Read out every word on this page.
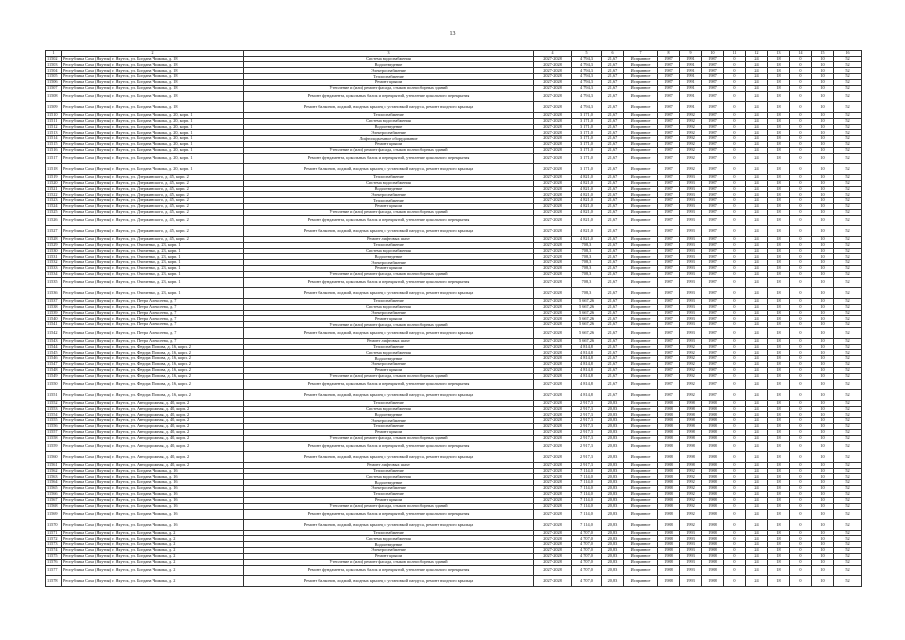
13
1	2	3	4	5	6	7	8	9	10	11	12	13	14	15	16
11502	Республика Саха (Якутия) г. Якутск, ул. Богдана Чижика, д. 18	Система водоснабжения	2027-2028	4 794,3	21,67	Исправное	1987	1991	1987	0	24	18	0	10	52
11503	Республика Саха (Якутия) г. Якутск, ул. Богдана Чижика, д. 18	Водоотведение	2027-2028	4 794,3	21,67	Исправное	1987	1991	1987	0	24	18	0	10	52
11504	Республика Саха (Якутия) г. Якутск, ул. Богдана Чижика, д. 18	Электроснабжение	2027-2028	4 794,3	21,67	Исправное	1987	1991	1987	0	24	18	0	10	52
11505	Республика Саха (Якутия) г. Якутск, ул. Богдана Чижика, д. 18	Теплоснабжение	2027-2028	4 794,3	21,67	Исправное	1987	1991	1987	0	24	18	0	10	52
11506	Республика Саха (Якутия) г. Якутск, ул. Богдана Чижика, д. 18	Ремонт крыши	2027-2028	4 794,3	21,67	Исправное	1987	1991	1987	0	24	18	0	10	52
11507	Республика Саха (Якутия) г. Якутск, ул. Богдана Чижика, д. 18	Утепление и (или) ремонт фасада, стыков полносборных зданий	2027-2028	4 794,3	21,67	Исправное	1987	1991	1987	0	24	18	0	10	52
11508	Республика Саха (Якутия) г. Якутск, ул. Богдана Чижика, д. 18	Ремонт фундамента, цокольных балок и перекрытий, утепление цокольного перекрытия	2027-2028	4 794,3	21,67	Исправное	1987	1991	1987	0	24	18	0	10	52
11509	Республика Саха (Якутия) г. Якутск, ул. Богдана Чижика, д. 18	Ремонт балконов, лоджий, входных крылец с установкой пандуса, ремонт входного крыльца	2027-2028	4 794,3	21,67	Исправное	1987	1991	1987	0	24	18	0	10	52
11510	Республика Саха (Якутия) г. Якутск, ул. Богдана Чижика, д. 20, корп. 1	Теплоснабжение	2027-2028	3 171,0	21,67	Исправное	1987	1992	1987	0	24	18	0	10	52
11511	Республика Саха (Якутия) г. Якутск, ул. Богдана Чижика, д. 20, корп. 1	Система водоснабжения	2027-2028	3 171,0	21,67	Исправное	1987	1992	1987	0	24	18	0	10	52
11512	Республика Саха (Якутия) г. Якутск, ул. Богдана Чижика, д. 20, корп. 1	Водоотведение	2027-2028	3 171,0	21,67	Исправное	1987	1992	1987	0	24	18	0	10	52
11513	Республика Саха (Якутия) г. Якутск, ул. Богдана Чижика, д. 20, корп. 1	Электроснабжение	2027-2028	3 171,0	21,67	Исправное	1987	1992	1987	0	24	18	0	10	52
11514	Республика Саха (Якутия) г. Якутск, ул. Богдана Чижика, д. 20, корп. 1	Лифтоподъемное оборудование	2027-2028	3 171,0	21,67	Исправное	1987	1992	1987	0	24	18	0	10	52
11515	Республика Саха (Якутия) г. Якутск, ул. Богдана Чижика, д. 20, корп. 1	Ремонт крыши	2027-2028	3 171,0	21,67	Исправное	1987	1992	1987	0	24	18	0	10	52
11516	Республика Саха (Якутия) г. Якутск, ул. Богдана Чижика, д. 20, корп. 1	Утепление и (или) ремонт фасада, стыков полносборных зданий	2027-2028	3 171,0	21,67	Исправное	1987	1992	1987	0	24	18	0	10	52
11517	Республика Саха (Якутия) г. Якутск, ул. Богдана Чижика, д. 20, корп. 1	Ремонт фундамента, цокольных балок и перекрытий, утепление цокольного перекрытия	2027-2028	3 171,0	21,67	Исправное	1987	1992	1987	0	24	18	0	10	52
11518	Республика Саха (Якутия) г. Якутск, ул. Богдана Чижика, д. 20, корп. 1	Ремонт балконов, лоджий, входных крылец с установкой пандуса, ремонт входного крыльца	2027-2028	3 171,0	21,67	Исправное	1987	1992	1987	0	24	18	0	10	52
11519	Республика Саха (Якутия) г. Якутск, ул. Дзержинского, д. 45, корп. 2	Теплоснабжение	2027-2028	4 821,0	21,67	Исправное	1987	1993	1987	0	24	18	0	10	52
11520	Республика Саха (Якутия) г. Якутск, ул. Дзержинского, д. 45, корп. 2	Система водоснабжения	2027-2028	4 821,0	21,67	Исправное	1987	1993	1987	0	24	18	0	10	52
11521	Республика Саха (Якутия) г. Якутск, ул. Дзержинского, д. 45, корп. 2	Водоотведение	2027-2028	4 821,0	21,67	Исправное	1987	1993	1987	0	24	18	0	10	52
11522	Республика Саха (Якутия) г. Якутск, ул. Дзержинского, д. 45, корп. 2	Электроснабжение	2027-2028	4 821,0	21,67	Исправное	1987	1993	1987	0	24	18	0	10	52
11523	Республика Саха (Якутия) г. Якутск, ул. Дзержинского, д. 45, корп. 2	Теплоснабжение	2027-2028	4 821,0	21,67	Исправное	1987	1993	1987	0	24	18	0	10	52
11524	Республика Саха (Якутия) г. Якутск, ул. Дзержинского, д. 45, корп. 2	Ремонт крыши	2027-2028	4 821,0	21,67	Исправное	1987	1993	1987	0	24	18	0	10	52
11525	Республика Саха (Якутия) г. Якутск, ул. Дзержинского, д. 45, корп. 2	Утепление и (или) ремонт фасада, стыков полносборных зданий	2027-2028	4 821,0	21,67	Исправное	1987	1993	1987	0	24	18	0	10	52
11526	Республика Саха (Якутия) г. Якутск, ул. Дзержинского, д. 45, корп. 2	Ремонт фундамента, цокольных балок и перекрытий, утепление цокольного перекрытия	2027-2028	4 821,0	21,67	Исправное	1987	1993	1987	0	24	18	0	10	52
11527	Республика Саха (Якутия) г. Якутск, ул. Дзержинского, д. 45, корп. 2	Ремонт балконов, лоджий, входных крылец с установкой пандуса, ремонт входного крыльца	2027-2028	4 821,0	21,67	Исправное	1987	1993	1987	0	24	18	0	10	52
11528	Республика Саха (Якутия) г. Якутск, ул. Дзержинского, д. 45, корп. 2	Ремонт лифтовых шахт	2027-2028	4 821,0	21,67	Исправное	1987	1993	1987	0	24	18	0	10	52
11529	Республика Саха (Якутия) г. Якутск, ул. Очиченко, д. 23, корп. 1	Теплоснабжение	2027-2028	708,3	21,67	Исправное	1987	1993	1987	0	24	18	0	10	52
11530	Республика Саха (Якутия) г. Якутск, ул. Очиченко, д. 23, корп. 1	Система водоснабжения	2027-2028	708,3	21,67	Исправное	1987	1993	1987	0	24	18	0	10	52
11531	Республика Саха (Якутия) г. Якутск, ул. Очиченко, д. 23, корп. 1	Водоотведение	2027-2028	708,3	21,67	Исправное	1987	1993	1987	0	24	18	0	10	52
11532	Республика Саха (Якутия) г. Якутск, ул. Очиченко, д. 23, корп. 1	Электроснабжение	2027-2028	708,3	21,67	Исправное	1987	1993	1987	0	24	18	0	10	52
11533	Республика Саха (Якутия) г. Якутск, ул. Очиченко, д. 23, корп. 1	Ремонт крыши	2027-2028	708,3	21,67	Исправное	1987	1993	1987	0	24	18	0	10	52
11534	Республика Саха (Якутия) г. Якутск, ул. Очиченко, д. 23, корп. 1	Утепление и (или) ремонт фасада, стыков полносборных зданий	2027-2028	708,3	21,67	Исправное	1987	1993	1987	0	24	18	0	10	52
11535	Республика Саха (Якутия) г. Якутск, ул. Очиченко, д. 23, корп. 1	Ремонт фундамента, цокольных балок и перекрытий, утепление цокольного перекрытия	2027-2028	708,3	21,67	Исправное	1987	1993	1987	0	24	18	0	10	52
11536	Республика Саха (Якутия) г. Якутск, ул. Очиченко, д. 23, корп. 1	Ремонт балконов, лоджий, входных крылец с установкой пандуса, ремонт входного крыльца	2027-2028	708,3	21,67	Исправное	1987	1993	1987	0	24	18	0	10	52
11537	Республика Саха (Якутия) г. Якутск, ул. Петра Алексеева, д. 7	Теплоснабжение	2027-2028	5 667,26	21,67	Исправное	1987	1993	1987	0	24	18	0	10	52
11538	Республика Саха (Якутия) г. Якутск, ул. Петра Алексеева, д. 7	Система водоснабжения	2027-2028	5 667,26	21,67	Исправное	1987	1993	1987	0	24	18	0	10	52
11539	Республика Саха (Якутия) г. Якутск, ул. Петра Алексеева, д. 7	Электроснабжение	2027-2028	5 667,26	21,67	Исправное	1987	1993	1987	0	24	18	0	10	52
11540	Республика Саха (Якутия) г. Якутск, ул. Петра Алексеева, д. 7	Ремонт крыши	2027-2028	5 667,26	21,67	Исправное	1987	1993	1987	0	24	18	0	10	52
11541	Республика Саха (Якутия) г. Якутск, ул. Петра Алексеева, д. 7	Утепление и (или) ремонт фасада, стыков полносборных зданий	2027-2028	5 667,26	21,67	Исправное	1987	1993	1987	0	24	18	0	10	52
11542	Республика Саха (Якутия) г. Якутск, ул. Петра Алексеева, д. 7	Ремонт балконов, лоджий, входных крылец с установкой пандуса, ремонт входного крыльца	2027-2028	5 667,26	21,67	Исправное	1987	1993	1987	0	24	18	0	10	52
11543	Республика Саха (Якутия) г. Якутск, ул. Петра Алексеева, д. 7	Ремонт лифтовых шахт	2027-2028	5 667,26	21,67	Исправное	1987	1993	1987	0	24	18	0	10	52
11544	Республика Саха (Якутия) г. Якутск, ул. Федора Попова, д. 16, корп. 2	Теплоснабжение	2027-2028	4 814,8	21,67	Исправное	1987	1992	1987	0	24	18	0	10	52
11545	Республика Саха (Якутия) г. Якутск, ул. Федора Попова, д. 16, корп. 2	Система водоснабжения	2027-2028	4 814,8	21,67	Исправное	1987	1992	1987	0	24	18	0	10	52
11546	Республика Саха (Якутия) г. Якутск, ул. Федора Попова, д. 16, корп. 2	Водоотведение	2027-2028	4 814,8	21,67	Исправное	1987	1992	1987	0	24	18	0	10	52
11547	Республика Саха (Якутия) г. Якутск, ул. Федора Попова, д. 16, корп. 2	Электроснабжение	2027-2028	4 814,8	21,67	Исправное	1987	1992	1987	0	24	18	0	10	52
11548	Республика Саха (Якутия) г. Якутск, ул. Федора Попова, д. 16, корп. 2	Ремонт крыши	2027-2028	4 814,8	21,67	Исправное	1987	1992	1987	0	24	18	0	10	52
11549	Республика Саха (Якутия) г. Якутск, ул. Федора Попова, д. 16, корп. 2	Утепление и (или) ремонт фасада, стыков полносборных зданий	2027-2028	4 814,8	21,67	Исправное	1987	1992	1987	0	24	18	0	10	52
11550	Республика Саха (Якутия) г. Якутск, ул. Федора Попова, д. 16, корп. 2	Ремонт фундамента, цокольных балок и перекрытий, утепление цокольного перекрытия	2027-2028	4 814,8	21,67	Исправное	1987	1992	1987	0	24	18	0	10	52
11551	Республика Саха (Якутия) г. Якутск, ул. Федора Попова, д. 16, корп. 2	Ремонт балконов, лоджий, входных крылец с установкой пандуса, ремонт входного крыльца	2027-2028	4 814,8	21,67	Исправное	1987	1992	1987	0	24	18	0	10	52
11552	Республика Саха (Якутия) г. Якутск, ул. Автодорожная, д. 40, корп. 2	Теплоснабжение	2027-2028	2 917,3	20,83	Исправное	1988	1998	1988	0	24	18	0	10	52
11553	Республика Саха (Якутия) г. Якутск, ул. Автодорожная, д. 40, корп. 2	Система водоснабжения	2027-2028	2 917,3	20,83	Исправное	1988	1998	1988	0	24	18	0	10	52
11554	Республика Саха (Якутия) г. Якутск, ул. Автодорожная, д. 40, корп. 2	Водоотведение	2027-2028	2 917,3	20,83	Исправное	1988	1998	1988	0	24	18	0	10	52
11555	Республика Саха (Якутия) г. Якутск, ул. Автодорожная, д. 40, корп. 2	Электроснабжение	2027-2028	2 917,3	20,83	Исправное	1988	1998	1988	0	24	18	0	10	52
11556	Республика Саха (Якутия) г. Якутск, ул. Автодорожная, д. 40, корп. 2	Теплоснабжение	2027-2028	2 917,3	20,83	Исправное	1988	1998	1988	0	24	18	0	10	52
11557	Республика Саха (Якутия) г. Якутск, ул. Автодорожная, д. 40, корп. 2	Ремонт крыши	2027-2028	2 917,3	20,83	Исправное	1988	1998	1988	0	24	18	0	10	52
11558	Республика Саха (Якутия) г. Якутск, ул. Автодорожная, д. 40, корп. 2	Утепление и (или) ремонт фасада, стыков полносборных зданий	2027-2028	2 917,3	20,83	Исправное	1988	1998	1988	0	24	18	0	10	52
11559	Республика Саха (Якутия) г. Якутск, ул. Автодорожная, д. 40, корп. 2	Ремонт фундамента, цокольных балок и перекрытий, утепление цокольного перекрытия	2027-2028	2 917,3	20,83	Исправное	1988	1998	1988	0	24	18	0	10	52
11560	Республика Саха (Якутия) г. Якутск, ул. Автодорожная, д. 40, корп. 2	Ремонт балконов, лоджий, входных крылец с установкой пандуса, ремонт входного крыльца	2027-2028	2 917,3	20,83	Исправное	1988	1998	1988	0	24	18	0	10	52
11561	Республика Саха (Якутия) г. Якутск, ул. Автодорожная, д. 40, корп. 2	Ремонт лифтовых шахт	2027-2028	2 917,3	20,83	Исправное	1988	1998	1988	0	24	18	0	10	52
11562	Республика Саха (Якутия) г. Якутск, ул. Богдана Чижика, д. 16	Теплоснабжение	2027-2028	7 114,0	20,83	Исправное	1988	1992	1988	0	24	18	0	10	52
11563	Республика Саха (Якутия) г. Якутск, ул. Богдана Чижика, д. 16	Система водоснабжения	2027-2028	7 114,0	20,83	Исправное	1988	1992	1988	0	24	18	0	10	52
11564	Республика Саха (Якутия) г. Якутск, ул. Богдана Чижика, д. 16	Водоотведение	2027-2028	7 114,0	20,83	Исправное	1988	1992	1988	0	24	18	0	10	52
11565	Республика Саха (Якутия) г. Якутск, ул. Богдана Чижика, д. 16	Электроснабжение	2027-2028	7 114,0	20,83	Исправное	1988	1992	1988	0	24	18	0	10	52
11566	Республика Саха (Якутия) г. Якутск, ул. Богдана Чижика, д. 16	Теплоснабжение	2027-2028	7 114,0	20,83	Исправное	1988	1992	1988	0	24	18	0	10	52
11567	Республика Саха (Якутия) г. Якутск, ул. Богдана Чижика, д. 16	Ремонт крыши	2027-2028	7 114,0	20,83	Исправное	1988	1992	1988	0	24	18	0	10	52
11568	Республика Саха (Якутия) г. Якутск, ул. Богдана Чижика, д. 16	Утепление и (или) ремонт фасада, стыков полносборных зданий	2027-2028	7 114,0	20,83	Исправное	1988	1992	1988	0	24	18	0	10	52
11569	Республика Саха (Якутия) г. Якутск, ул. Богдана Чижика, д. 16	Ремонт фундамента, цокольных балок и перекрытий, утепление цокольного перекрытия	2027-2028	7 114,0	20,83	Исправное	1988	1992	1988	0	24	18	0	10	52
11570	Республика Саха (Якутия) г. Якутск, ул. Богдана Чижика, д. 16	Ремонт балконов, лоджий, входных крылец с установкой пандуса, ремонт входного крыльца	2027-2028	7 114,0	20,83	Исправное	1988	1992	1988	0	24	18	0	10	52
11571	Республика Саха (Якутия) г. Якутск, ул. Богдана Чижика, д. 2	Теплоснабжение	2027-2028	4 707,0	20,83	Исправное	1988	1993	1988	0	24	18	0	10	52
11572	Республика Саха (Якутия) г. Якутск, ул. Богдана Чижика, д. 2	Система водоснабжения	2027-2028	4 707,0	20,83	Исправное	1988	1993	1988	0	24	18	0	10	52
11573	Республика Саха (Якутия) г. Якутск, ул. Богдана Чижика, д. 2	Водоотведение	2027-2028	4 707,0	20,83	Исправное	1988	1993	1988	0	24	18	0	10	52
11574	Республика Саха (Якутия) г. Якутск, ул. Богдана Чижика, д. 2	Электроснабжение	2027-2028	4 707,0	20,83	Исправное	1988	1993	1988	0	24	18	0	10	52
11575	Республика Саха (Якутия) г. Якутск, ул. Богдана Чижика, д. 2	Ремонт крыши	2027-2028	4 707,0	20,83	Исправное	1988	1993	1988	0	24	18	0	10	52
11576	Республика Саха (Якутия) г. Якутск, ул. Богдана Чижика, д. 2	Утепление и (или) ремонт фасада, стыков полносборных зданий	2027-2028	4 707,0	20,83	Исправное	1988	1993	1988	0	24	18	0	10	52
11577	Республика Саха (Якутия) г. Якутск, ул. Богдана Чижика, д. 2	Ремонт фундамента, цокольных балок и перекрытий, утепление цокольного перекрытия	2027-2028	4 707,0	20,83	Исправное	1988	1993	1988	0	24	18	0	10	52
11578	Республика Саха (Якутия) г. Якутск, ул. Богдана Чижика, д. 2	Ремонт балконов, лоджий, входных крылец с установкой пандуса, ремонт входного крыльца	2027-2028	4 707,0	20,83	Исправное	1988	1993	1988	0	24	18	0	10	52
